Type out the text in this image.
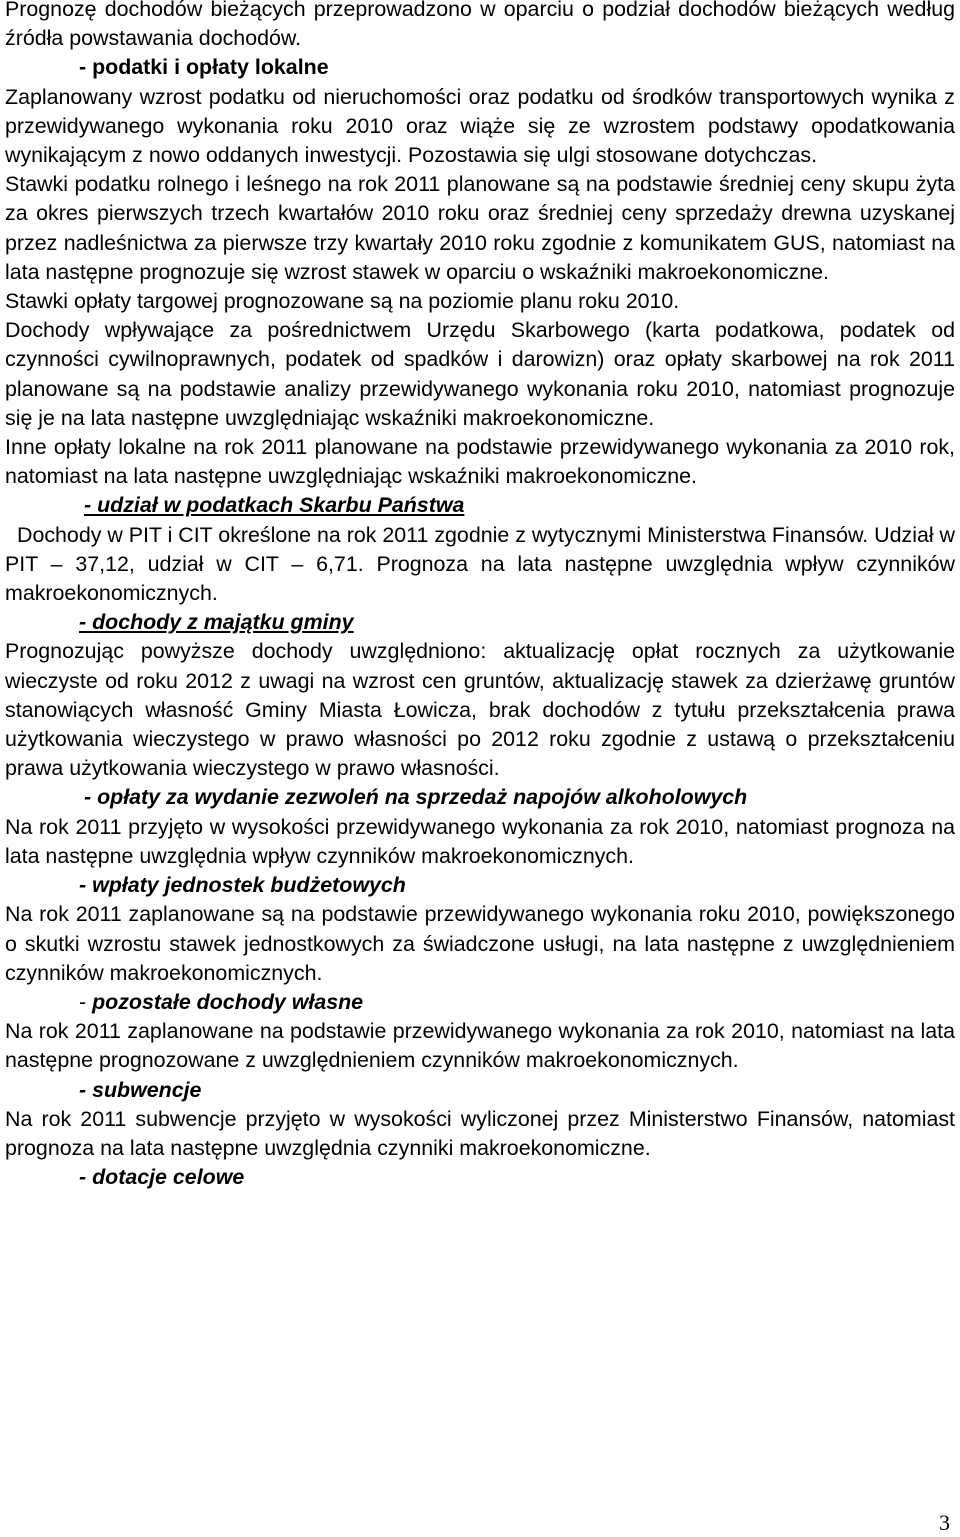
Prognozę dochodów bieżących przeprowadzono w oparciu o podział dochodów bieżących według źródła powstawania dochodów.

- podatki i opłaty lokalne

Zaplanowany wzrost podatku od nieruchomości oraz podatku od środków transportowych wynika z przewidywanego wykonania roku 2010 oraz wiąże się ze wzrostem podstawy opodatkowania wynikającym z nowo oddanych inwestycji. Pozostawia się ulgi stosowane dotychczas.

Stawki podatku rolnego i leśnego na rok 2011 planowane są na podstawie średniej ceny skupu żyta za okres pierwszych trzech kwartałów 2010 roku oraz średniej ceny sprzedaży drewna uzyskanej przez nadleśnictwa za pierwsze trzy kwartały 2010 roku zgodnie z komunikatem GUS, natomiast na lata następne prognozuje się wzrost stawek w oparciu o wskaźniki makroekonomiczne.

Stawki opłaty targowej prognozowane są na poziomie planu roku 2010.

Dochody wpływające za pośrednictwem Urzędu Skarbowego (karta podatkowa, podatek od czynności cywilnoprawnych, podatek od spadków i darowizn) oraz opłaty skarbowej na rok 2011 planowane są na podstawie analizy przewidywanego wykonania roku 2010, natomiast prognozuje się je na lata następne uwzględniając wskaźniki makroekonomiczne.

Inne opłaty lokalne na rok 2011 planowane na podstawie przewidywanego wykonania za 2010 rok, natomiast na lata następne uwzględniając wskaźniki makroekonomiczne.

- udział w podatkach Skarbu Państwa

Dochody w PIT i CIT określone na rok 2011 zgodnie z wytycznymi Ministerstwa Finansów. Udział w PIT – 37,12, udział w CIT – 6,71. Prognoza na lata następne uwzględnia wpływ czynników makroekonomicznych.

- dochody z majątku gminy

Prognozując powyższe dochody uwzględniono: aktualizację opłat rocznych za użytkowanie wieczyste od roku 2012 z uwagi na wzrost cen gruntów, aktualizację stawek za dzierżawę gruntów stanowiących własność Gminy Miasta Łowicza, brak dochodów z tytułu przekształcenia prawa użytkowania wieczystego w prawo własności po 2012 roku zgodnie z ustawą o przekształceniu prawa użytkowania wieczystego w prawo własności.

- opłaty za wydanie zezwoleń na sprzedaż napojów alkoholowych

Na rok 2011 przyjęto w wysokości przewidywanego wykonania za rok 2010, natomiast prognoza na lata następne uwzględnia wpływ czynników makroekonomicznych.

- wpłaty jednostek budżetowych

Na rok 2011 zaplanowane są na podstawie przewidywanego wykonania roku 2010, powiększonego o skutki wzrostu stawek jednostkowych za świadczone usługi, na lata następne z uwzględnieniem czynników makroekonomicznych.

- pozostałe dochody własne

Na rok 2011 zaplanowane na podstawie przewidywanego wykonania za rok 2010, natomiast na lata następne prognozowane z uwzględnieniem czynników makroekonomicznych.

- subwencje

Na rok 2011 subwencje przyjęto w wysokości wyliczonej przez Ministerstwo Finansów, natomiast prognoza na lata następne uwzględnia czynniki makroekonomiczne.

- dotacje celowe

3
